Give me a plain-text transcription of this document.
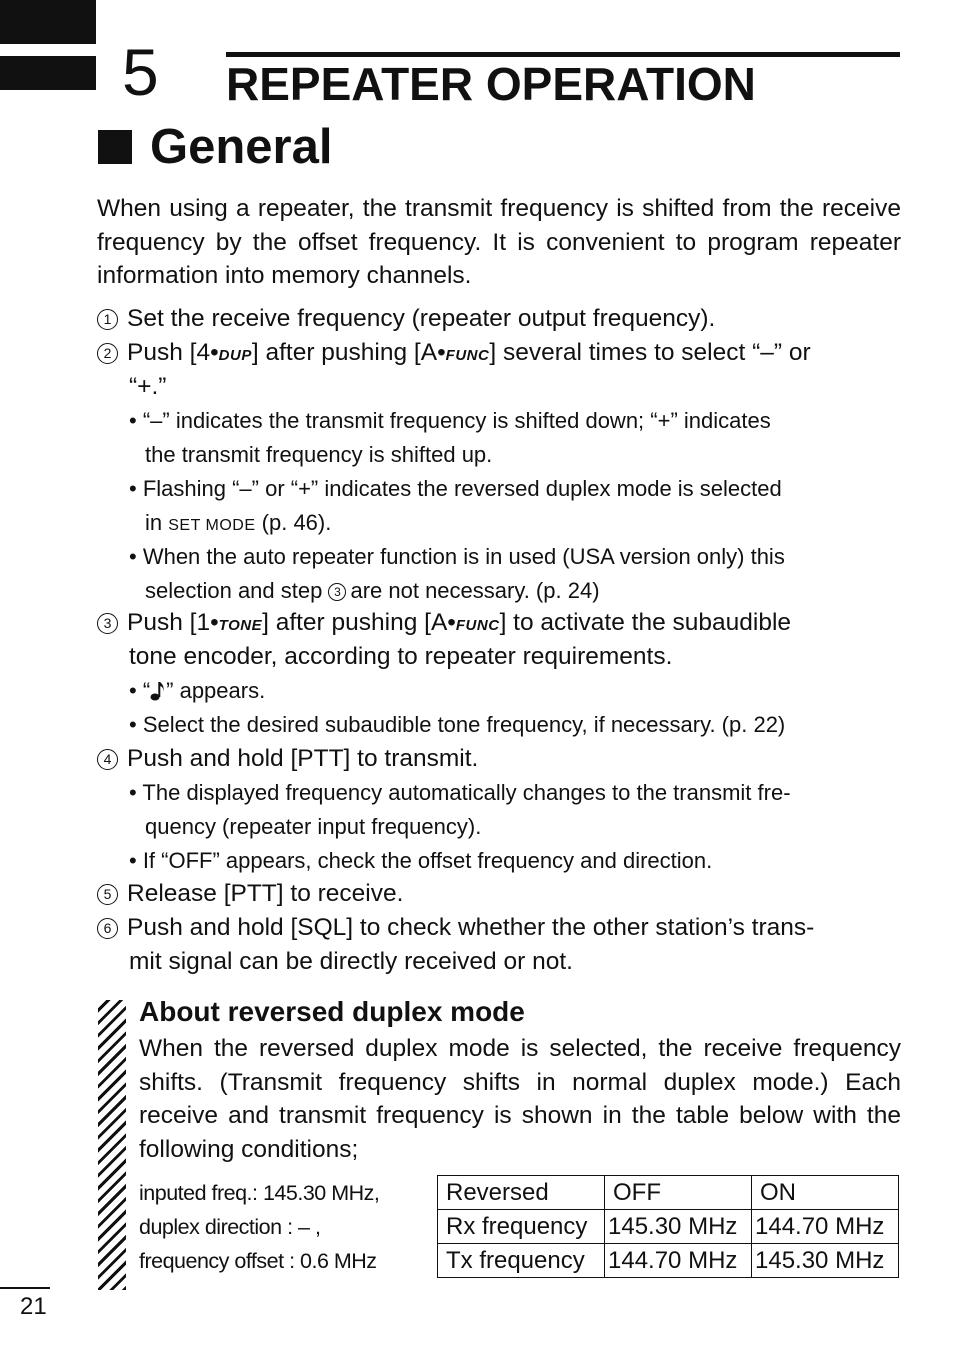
5 REPEATER OPERATION
General
When using a repeater, the transmit frequency is shifted from the receive frequency by the offset frequency. It is convenient to program repeater information into memory channels.
1 Set the receive frequency (repeater output frequency).
2 Push [4•DUP] after pushing [A•FUNC] several times to select “–” or
“+.”
• “–” indicates the transmit frequency is shifted down; “+” indicates
the transmit frequency is shifted up.
• Flashing “–” or “+” indicates the reversed duplex mode is selected
in SET MODE (p. 46).
• When the auto repeater function is in used (USA version only) this
selection and step 3 are not necessary. (p. 24)
3 Push [1•TONE] after pushing [A•FUNC] to activate the subaudible
tone encoder, according to repeater requirements.
• “ ” appears.
• Select the desired subaudible tone frequency, if necessary. (p. 22)
4 Push and hold [PTT] to transmit.
• The displayed frequency automatically changes to the transmit fre-
quency (repeater input frequency).
• If “OFF” appears, check the offset frequency and direction.
5 Release [PTT] to receive.
6 Push and hold [SQL] to check whether the other station’s trans-
mit signal can be directly received or not.
About reversed duplex mode
When the reversed duplex mode is selected, the receive frequency shifts. (Transmit frequency shifts in normal duplex mode.) Each receive and transmit frequency is shown in the table below with the following conditions;
inputed freq.: 145.30 MHz,
duplex direction : – ,
frequency offset : 0.6 MHz
Reversed	OFF	ON
Rx frequency	145.30 MHz	144.70 MHz
Tx frequency	144.70 MHz	145.30 MHz
21
